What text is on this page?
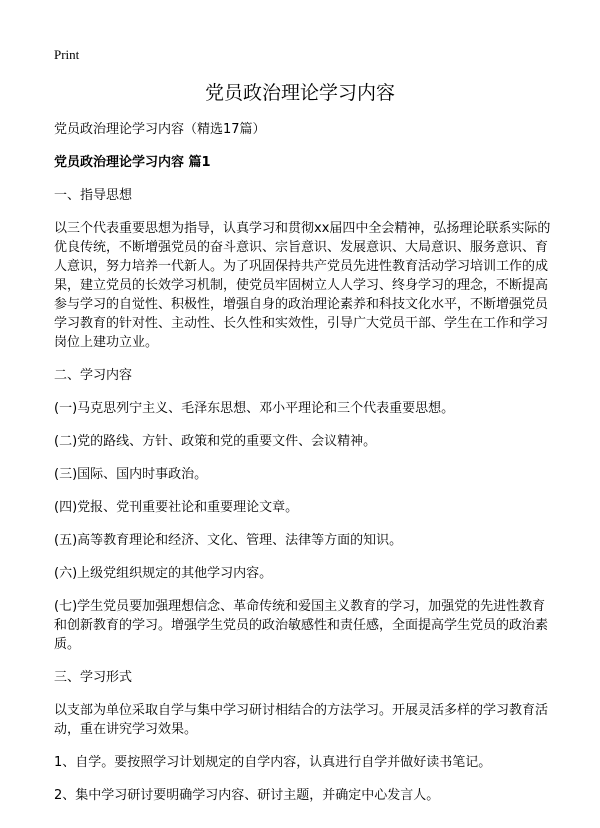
Print
党员政治理论学习内容

党员政治理论学习内容（精选17篇）

党员政治理论学习内容 篇1

一、指导思想

以三个代表重要思想为指导，认真学习和贯彻xx届四中全会精神，弘扬理论联系实际的优良传统，不断增强党员的奋斗意识、宗旨意识、发展意识、大局意识、服务意识、育人意识，努力培养一代新人。为了巩固保持共产党员先进性教育活动学习培训工作的成果，建立党员的长效学习机制，使党员牢固树立人人学习、终身学习的理念，不断提高参与学习的自觉性、积极性，增强自身的政治理论素养和科技文化水平，不断增强党员学习教育的针对性、主动性、长久性和实效性，引导广大党员干部、学生在工作和学习岗位上建功立业。

二、学习内容

(一)马克思列宁主义、毛泽东思想、邓小平理论和三个代表重要思想。

(二)党的路线、方针、政策和党的重要文件、会议精神。

(三)国际、国内时事政治。

(四)党报、党刊重要社论和重要理论文章。

(五)高等教育理论和经济、文化、管理、法律等方面的知识。

(六)上级党组织规定的其他学习内容。

(七)学生党员要加强理想信念、革命传统和爱国主义教育的学习，加强党的先进性教育和创新教育的学习。增强学生党员的政治敏感性和责任感，全面提高学生党员的政治素质。

三、学习形式

以支部为单位采取自学与集中学习研讨相结合的方法学习。开展灵活多样的学习教育活动，重在讲究学习效果。

1、自学。要按照学习计划规定的自学内容，认真进行自学并做好读书笔记。

2、集中学习研讨要明确学习内容、研讨主题，并确定中心发言人。
